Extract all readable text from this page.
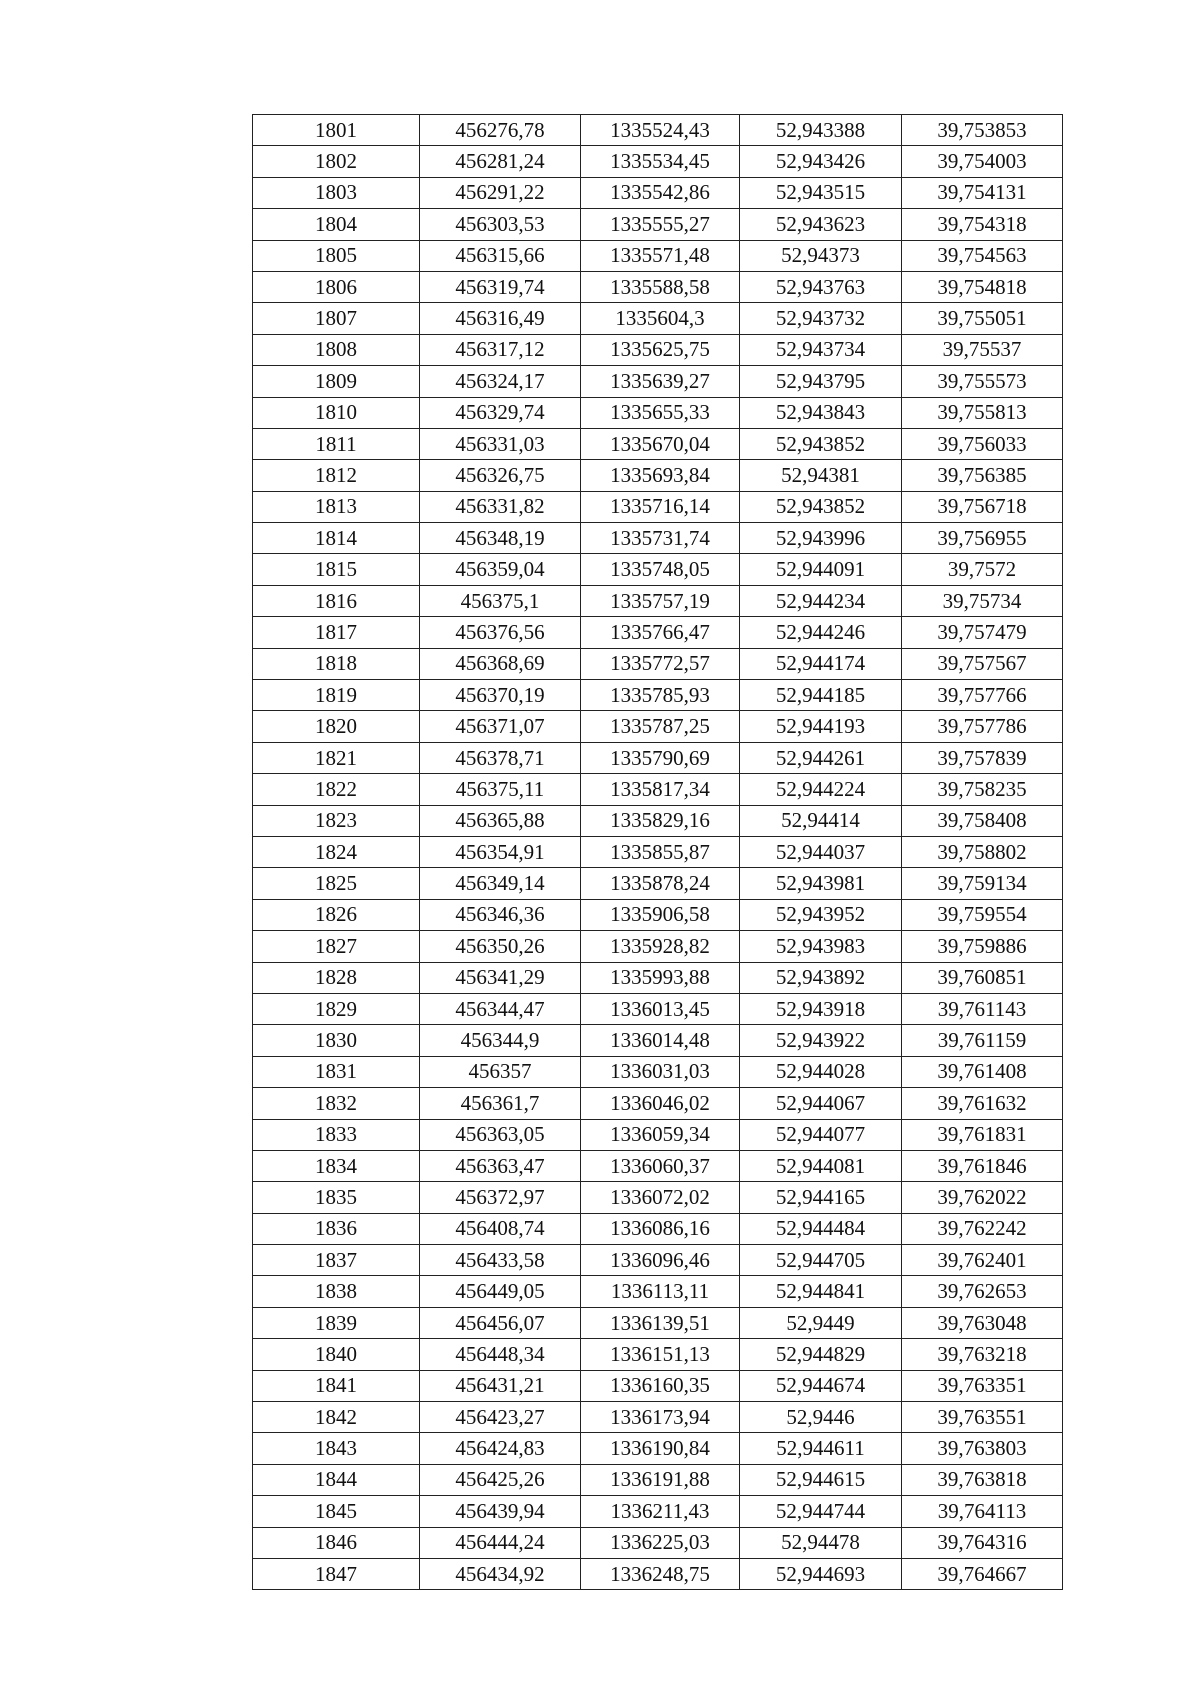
1801	456276,78	1335524,43	52,943388	39,753853
1802	456281,24	1335534,45	52,943426	39,754003
1803	456291,22	1335542,86	52,943515	39,754131
1804	456303,53	1335555,27	52,943623	39,754318
1805	456315,66	1335571,48	52,94373	39,754563
1806	456319,74	1335588,58	52,943763	39,754818
1807	456316,49	1335604,3	52,943732	39,755051
1808	456317,12	1335625,75	52,943734	39,75537
1809	456324,17	1335639,27	52,943795	39,755573
1810	456329,74	1335655,33	52,943843	39,755813
1811	456331,03	1335670,04	52,943852	39,756033
1812	456326,75	1335693,84	52,94381	39,756385
1813	456331,82	1335716,14	52,943852	39,756718
1814	456348,19	1335731,74	52,943996	39,756955
1815	456359,04	1335748,05	52,944091	39,7572
1816	456375,1	1335757,19	52,944234	39,75734
1817	456376,56	1335766,47	52,944246	39,757479
1818	456368,69	1335772,57	52,944174	39,757567
1819	456370,19	1335785,93	52,944185	39,757766
1820	456371,07	1335787,25	52,944193	39,757786
1821	456378,71	1335790,69	52,944261	39,757839
1822	456375,11	1335817,34	52,944224	39,758235
1823	456365,88	1335829,16	52,94414	39,758408
1824	456354,91	1335855,87	52,944037	39,758802
1825	456349,14	1335878,24	52,943981	39,759134
1826	456346,36	1335906,58	52,943952	39,759554
1827	456350,26	1335928,82	52,943983	39,759886
1828	456341,29	1335993,88	52,943892	39,760851
1829	456344,47	1336013,45	52,943918	39,761143
1830	456344,9	1336014,48	52,943922	39,761159
1831	456357	1336031,03	52,944028	39,761408
1832	456361,7	1336046,02	52,944067	39,761632
1833	456363,05	1336059,34	52,944077	39,761831
1834	456363,47	1336060,37	52,944081	39,761846
1835	456372,97	1336072,02	52,944165	39,762022
1836	456408,74	1336086,16	52,944484	39,762242
1837	456433,58	1336096,46	52,944705	39,762401
1838	456449,05	1336113,11	52,944841	39,762653
1839	456456,07	1336139,51	52,9449	39,763048
1840	456448,34	1336151,13	52,944829	39,763218
1841	456431,21	1336160,35	52,944674	39,763351
1842	456423,27	1336173,94	52,9446	39,763551
1843	456424,83	1336190,84	52,944611	39,763803
1844	456425,26	1336191,88	52,944615	39,763818
1845	456439,94	1336211,43	52,944744	39,764113
1846	456444,24	1336225,03	52,94478	39,764316
1847	456434,92	1336248,75	52,944693	39,764667
